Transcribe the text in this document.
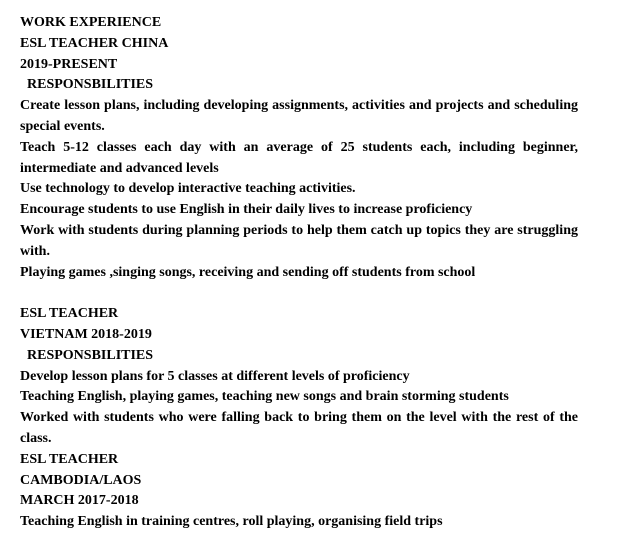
WORK EXPERIENCE
ESL TEACHER CHINA
2019-PRESENT
RESPONSBILITIES
Create lesson plans, including developing assignments, activities and projects and scheduling special events.
Teach 5-12 classes each day with an average of 25 students each, including beginner, intermediate and advanced levels
Use technology to develop interactive teaching activities.
Encourage students to use English in their daily lives to increase proficiency
Work with students during planning periods to help them catch up topics they are struggling with.
Playing games ,singing songs, receiving and sending off students from school
ESL TEACHER
VIETNAM 2018-2019
RESPONSBILITIES
Develop lesson plans for 5 classes at different levels of proficiency
Teaching English, playing games, teaching new songs and brain storming students
Worked with students who were falling back to bring them on the level with the rest of the class.
ESL TEACHER
CAMBODIA/LAOS
MARCH 2017-2018
Teaching English in training centres, roll playing, organising field trips
